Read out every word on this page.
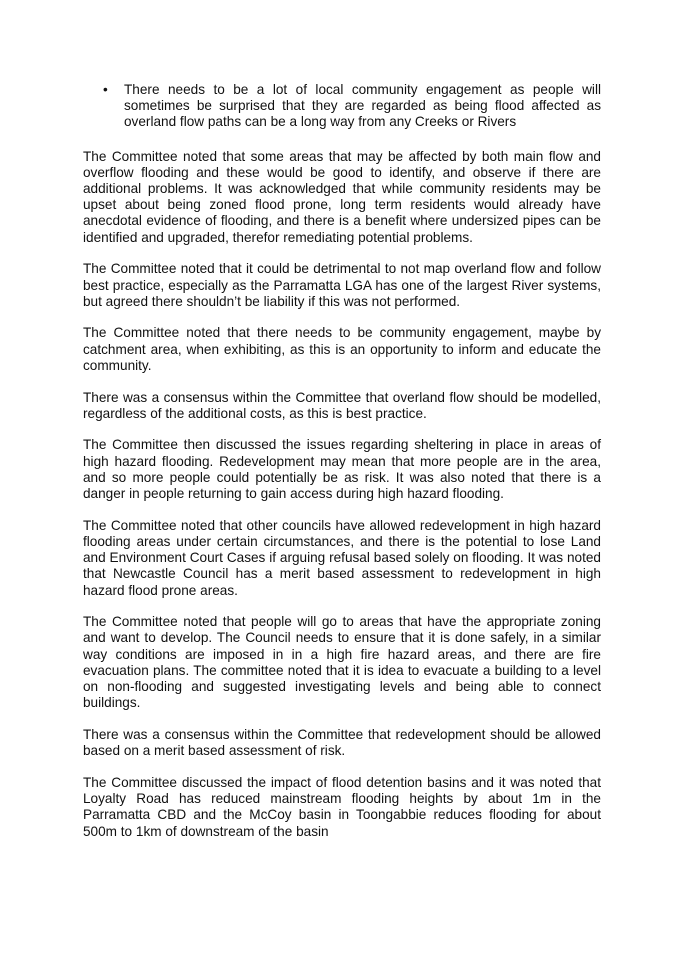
• There needs to be a lot of local community engagement as people will sometimes be surprised that they are regarded as being flood affected as overland flow paths can be a long way from any Creeks or Rivers

The Committee noted that some areas that may be affected by both main flow and overflow flooding and these would be good to identify, and observe if there are additional problems. It was acknowledged that while community residents may be upset about being zoned flood prone, long term residents would already have anecdotal evidence of flooding, and there is a benefit where undersized pipes can be identified and upgraded, therefor remediating potential problems.

The Committee noted that it could be detrimental to not map overland flow and follow best practice, especially as the Parramatta LGA has one of the largest River systems, but agreed there shouldn’t be liability if this was not performed.

The Committee noted that there needs to be community engagement, maybe by catchment area, when exhibiting, as this is an opportunity to inform and educate the community.

There was a consensus within the Committee that overland flow should be modelled, regardless of the additional costs, as this is best practice.

The Committee then discussed the issues regarding sheltering in place in areas of high hazard flooding. Redevelopment may mean that more people are in the area, and so more people could potentially be as risk. It was also noted that there is a danger in people returning to gain access during high hazard flooding.

The Committee noted that other councils have allowed redevelopment in high hazard flooding areas under certain circumstances, and there is the potential to lose Land and Environment Court Cases if arguing refusal based solely on flooding. It was noted that Newcastle Council has a merit based assessment to redevelopment in high hazard flood prone areas.

The Committee noted that people will go to areas that have the appropriate zoning and want to develop. The Council needs to ensure that it is done safely, in a similar way conditions are imposed in in a high fire hazard areas, and there are fire evacuation plans. The committee noted that it is idea to evacuate a building to a level on non-flooding and suggested investigating levels and being able to connect buildings.

There was a consensus within the Committee that redevelopment should be allowed based on a merit based assessment of risk.

The Committee discussed the impact of flood detention basins and it was noted that Loyalty Road has reduced mainstream flooding heights by about 1m in the Parramatta CBD and the McCoy basin in Toongabbie reduces flooding for about 500m to 1km of downstream of the basin
